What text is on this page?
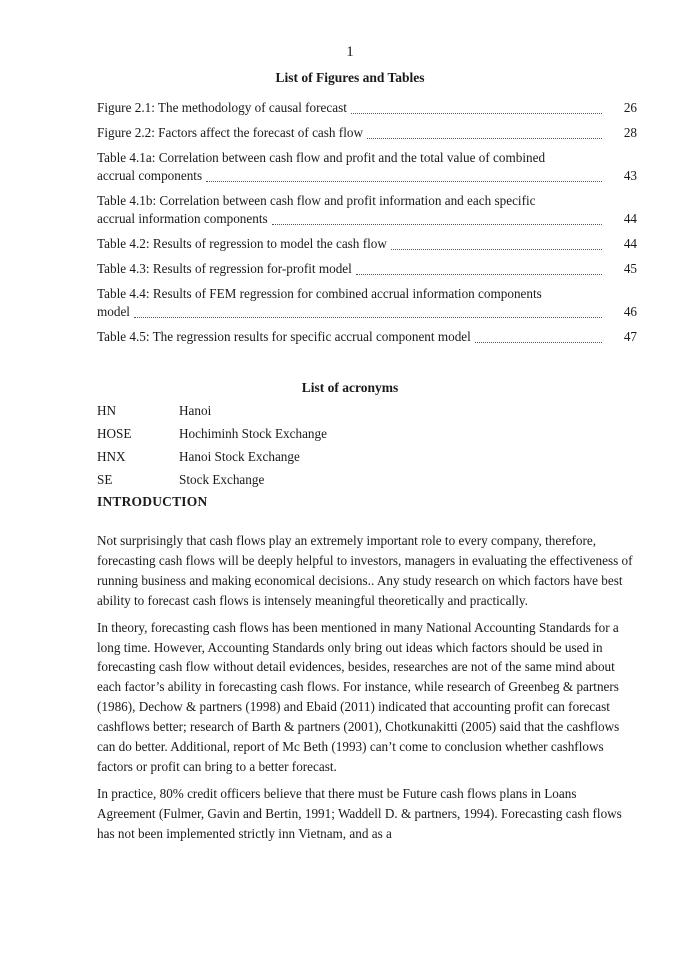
1
List of Figures and Tables
Figure 2.1: The methodology of causal forecast	26
Figure 2.2: Factors affect the forecast of cash flow	28
Table 4.1a: Correlation between cash flow and profit and the total value of combined
accrual components	43
Table 4.1b: Correlation between cash flow and profit information and each specific
accrual information components	44
Table 4.2: Results of regression to model the cash flow	44
Table 4.3: Results of regression for-profit model	45
Table 4.4: Results of FEM regression for combined accrual information components
model	46
Table 4.5: The regression results for specific accrual component model	47
List of acronyms
HN	Hanoi
HOSE	Hochiminh Stock Exchange
HNX	Hanoi Stock Exchange
SE	Stock Exchange
INTRODUCTION

Not surprisingly that cash flows play an extremely important role to every company, therefore, forecasting cash flows will be deeply helpful to investors, managers in evaluating the effectiveness of running business and making economical decisions.. Any study research on which factors have best ability to forecast cash flows is intensely meaningful theoretically and practically.

In theory, forecasting cash flows has been mentioned in many National Accounting Standards for a long time. However, Accounting Standards only bring out ideas which factors should be used in forecasting cash flow without detail evidences, besides, researches are not of the same mind about each factor’s ability in forecasting cash flows. For instance, while research of Greenbeg & partners (1986), Dechow & partners (1998) and Ebaid (2011) indicated that accounting profit can forecast cashflows better; research of Barth & partners (2001), Chotkunakitti (2005) said that the cashflows can do better. Additional, report of Mc Beth (1993) can’t come to conclusion whether cashflows factors or profit can bring to a better forecast.

In practice, 80% credit officers believe that there must be Future cash flows plans in Loans Agreement (Fulmer, Gavin and Bertin, 1991; Waddell D. & partners, 1994). Forecasting cash flows has not been implemented strictly inn Vietnam, and as a
